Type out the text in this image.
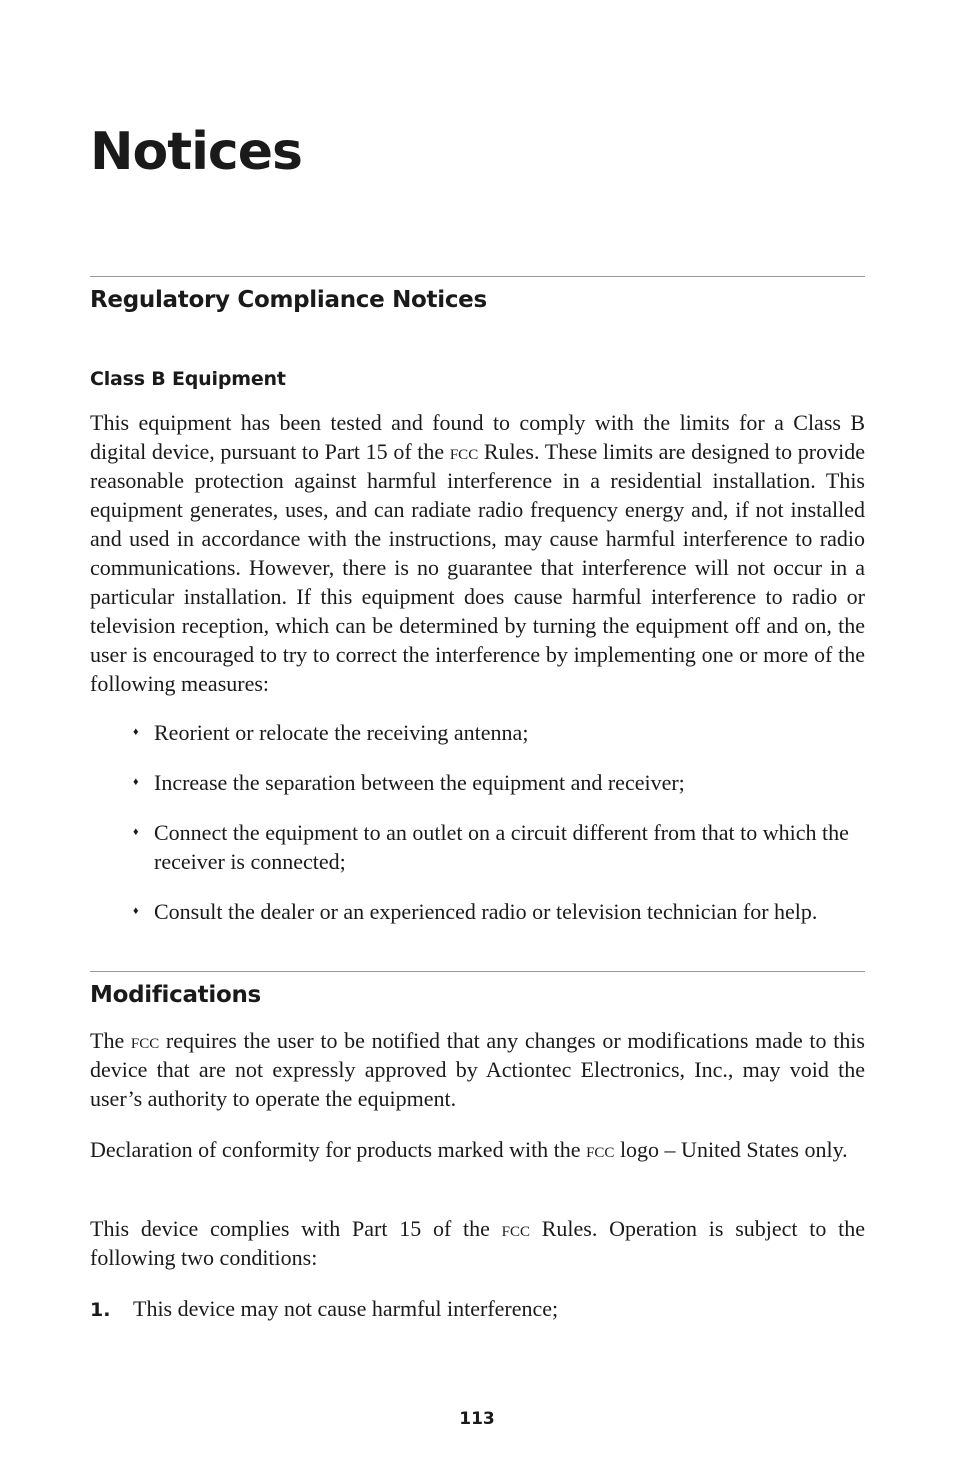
Notices
Regulatory Compliance Notices
Class B Equipment

This equipment has been tested and found to comply with the limits for a Class B digital device, pursuant to Part 15 of the fcc Rules. These limits are designed to provide reasonable protection against harmful interference in a residential installation. This equipment generates, uses, and can radiate radio frequency energy and, if not installed and used in accordance with the instructions, may cause harmful interference to radio communications. However, there is no guarantee that interference will not occur in a particular installation. If this equipment does cause harmful interference to radio or television reception, which can be determined by turning the equipment off and on, the user is encouraged to try to correct the interference by implementing one or more of the following measures:

♦ Reorient or relocate the receiving antenna;
♦ Increase the separation between the equipment and receiver;
♦ Connect the equipment to an outlet on a circuit different from that to which the receiver is connected;
♦ Consult the dealer or an experienced radio or television technician for help.
Modifications

The fcc requires the user to be notified that any changes or modifications made to this device that are not expressly approved by Actiontec Electronics, Inc., may void the user’s authority to operate the equipment.

Declaration of conformity for products marked with the fcc logo – United States only.

This device complies with Part 15 of the fcc Rules. Operation is subject to the following two conditions:

1. This device may not cause harmful interference;
113
